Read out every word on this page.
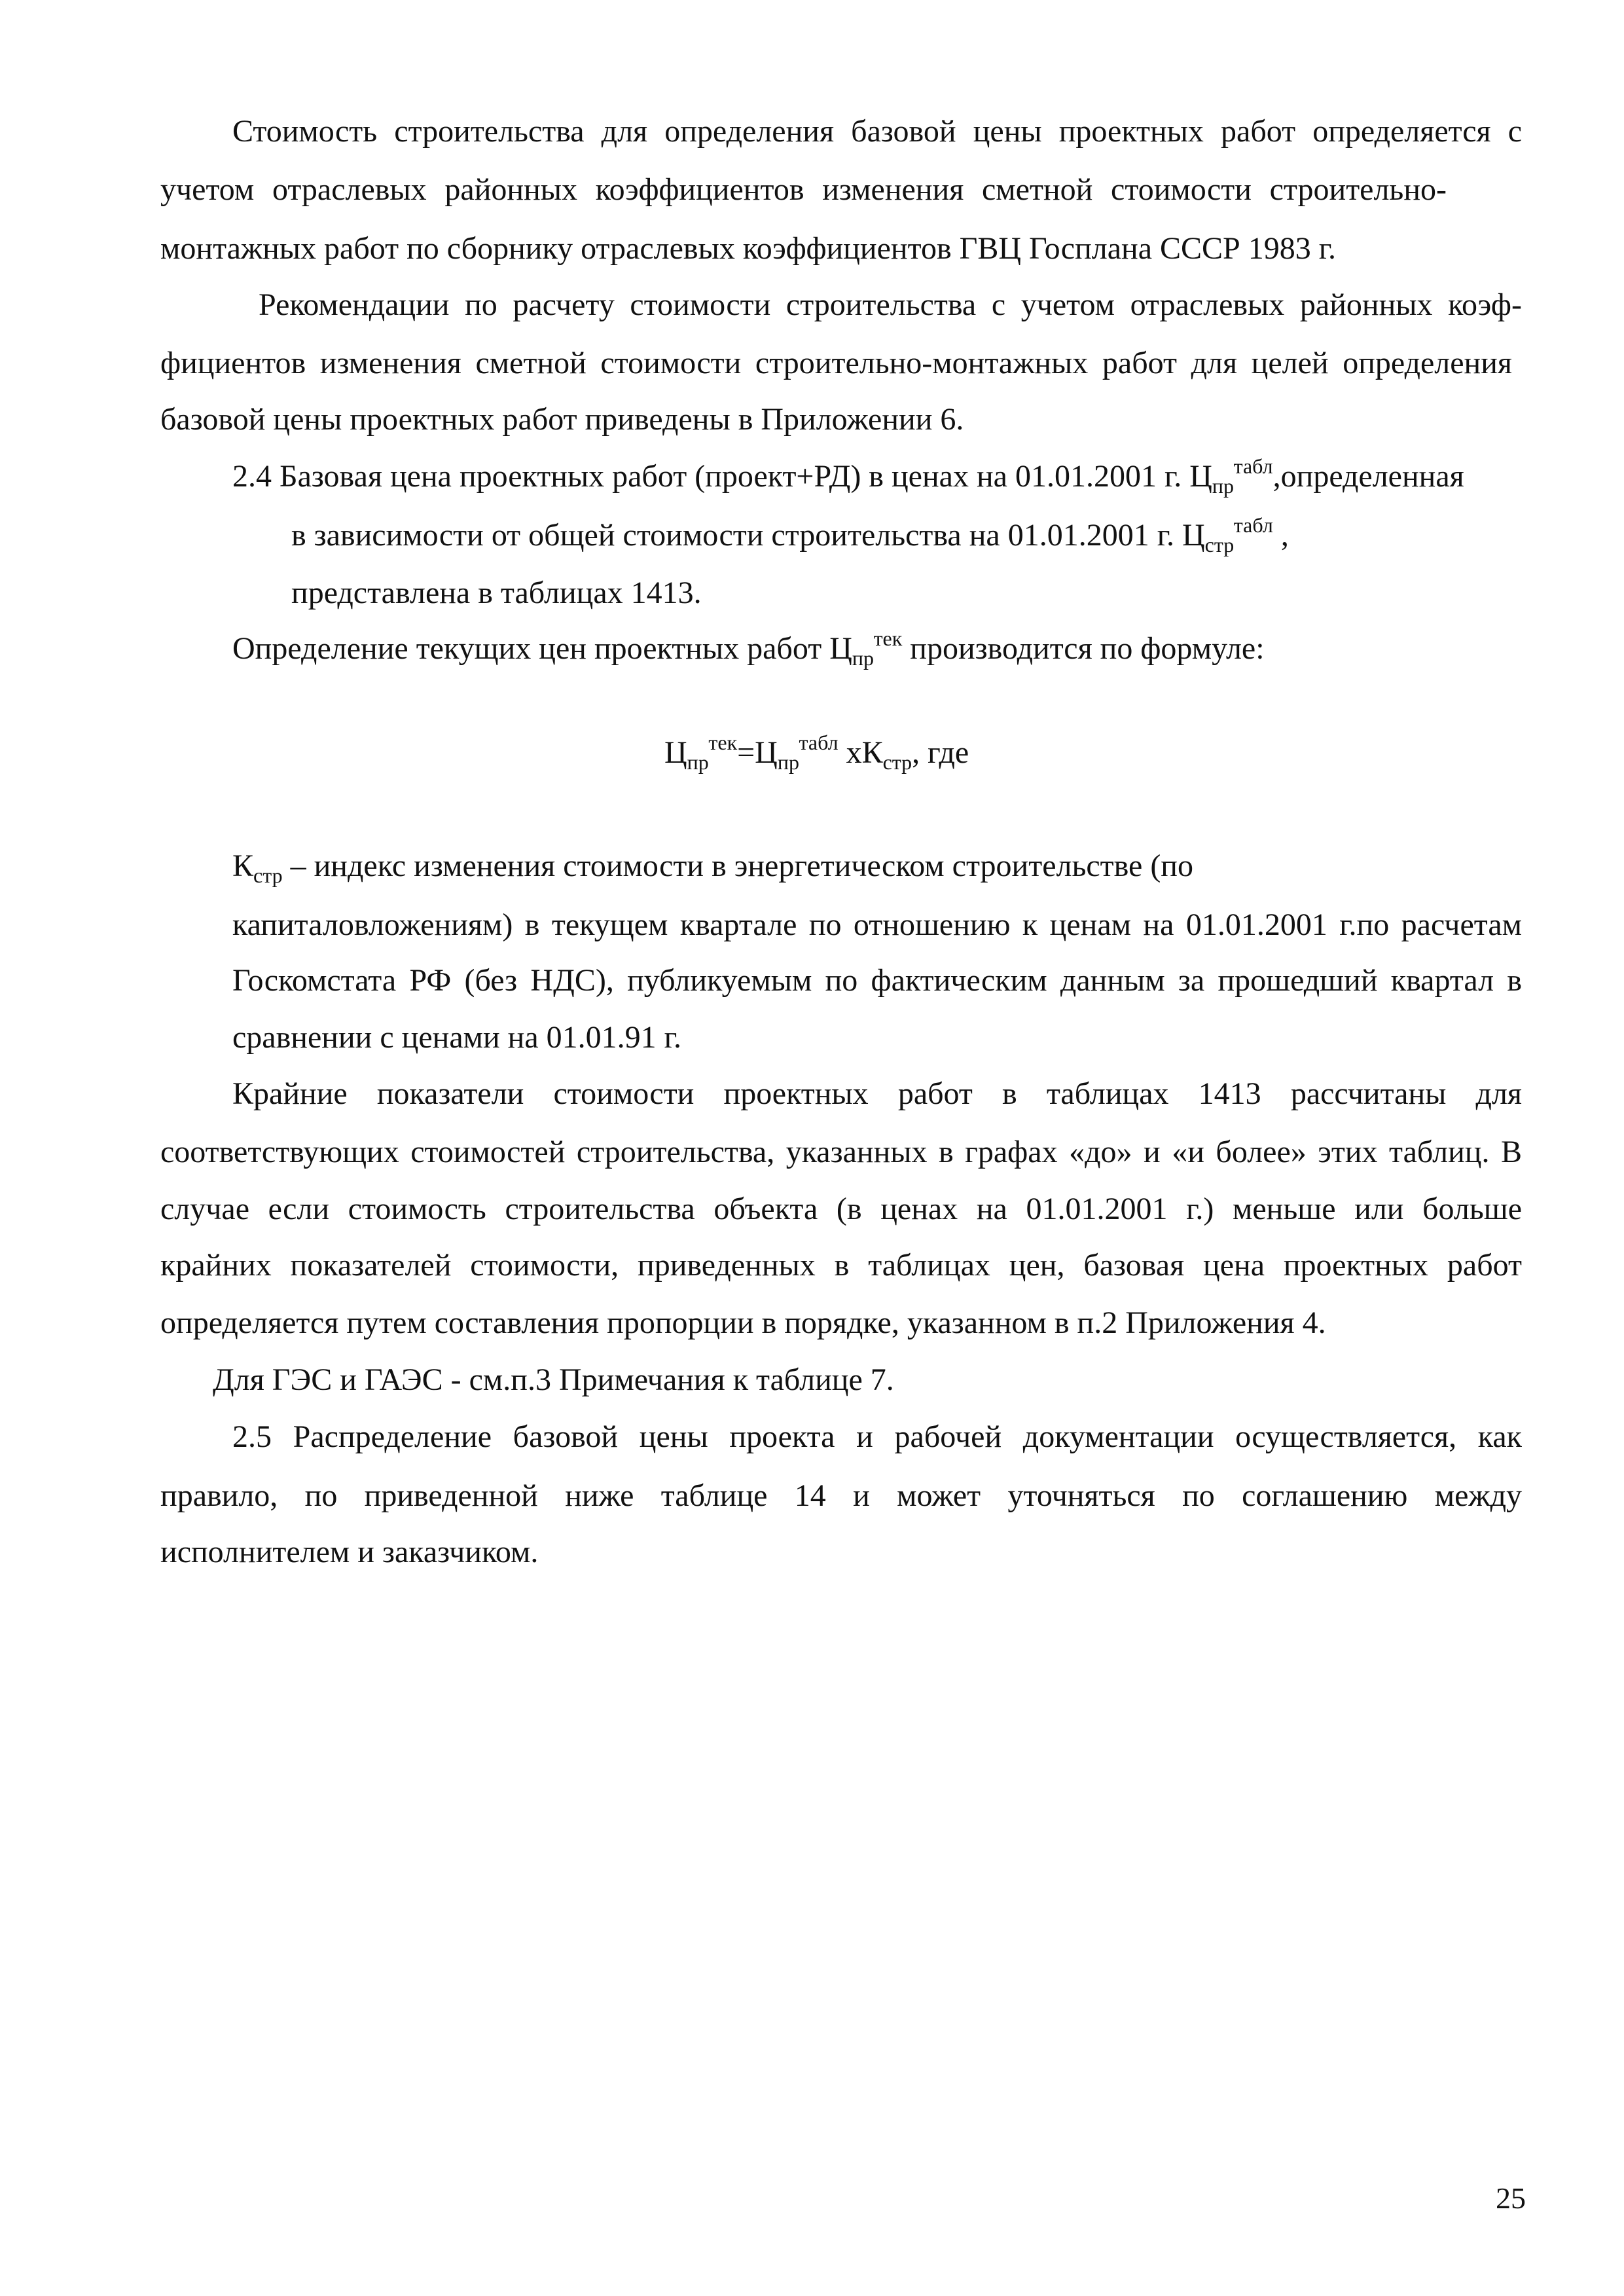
Стоимость строительства для определения базовой цены проектных работ определяется с
учетом отраслевых районных коэффициентов изменения сметной стоимости строительно-
монтажных работ по сборнику отраслевых коэффициентов ГВЦ Госплана СССР 1983 г.
Рекомендации по расчету стоимости строительства с учетом отраслевых районных коэф-
фициентов изменения сметной стоимости строительно-монтажных работ для целей определения
базовой цены проектных работ приведены в Приложении 6.
2.4 Базовая цена проектных работ (проект+РД) в ценах на 01.01.2001 г. $Ц_{пр}^{табл},определенная$
в зависимости от общей стоимости строительства на 01.01.2001 г. $Ц_{стр}^{табл}$ ,
представлена в таблицах 1413.
Определение текущих цен проектных работ $Ц_{пр}^{тек}$ производится по формуле:
$Ц_{пр}^{тек}=Ц_{пр}^{табл}$ $хК_{стр}$, где
$К_{стр}$ – индекс изменения стоимости в энергетическом строительстве (по
капиталовложениям) в текущем квартале по отношению к ценам на 01.01.2001 г.по расчетам
Госкомстата РФ (без НДС), публикуемым по фактическим данным за прошедший квартал в
сравнении с ценами на 01.01.91 г.
Крайние показатели стоимости проектных работ в таблицах 1413 рассчитаны для
соответствующих стоимостей строительства, указанных в графах «до» и «и более» этих таблиц. В
случае если стоимость строительства объекта (в ценах на 01.01.2001 г.) меньше или больше
крайних показателей стоимости, приведенных в таблицах цен, базовая цена проектных работ
определяется путем составления пропорции в порядке, указанном в п.2 Приложения 4.
Для ГЭС и ГАЭС - см.п.3 Примечания к таблице 7.
2.5 Распределение базовой цены проекта и рабочей документации осуществляется, как
правило, по приведенной ниже таблице 14 и может уточняться по соглашению между
исполнителем и заказчиком.
25
